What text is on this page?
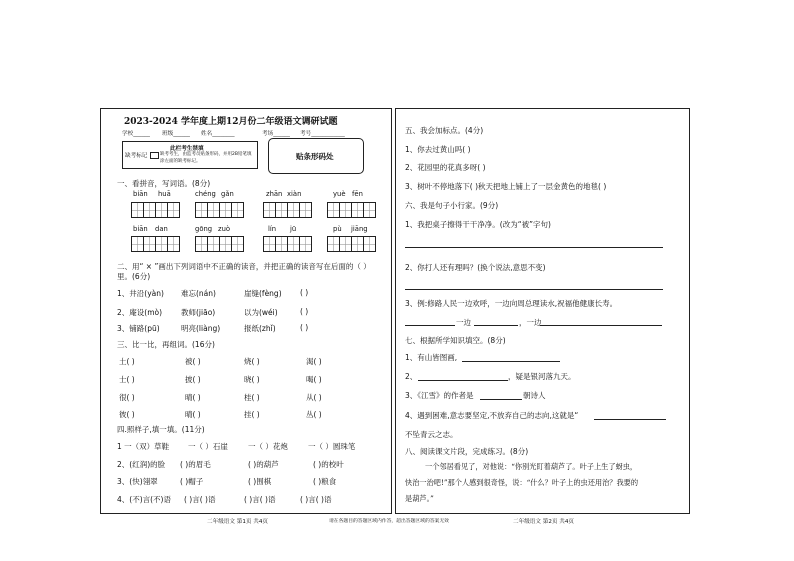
2023-2024 学年度上期12月份二年级语文调研试题
学校______ 班级______ 姓名________	考场______ 考号____________
此栏考生禁填
缺考标记	缺考考生，由监考员贴条形码，并用2B铅笔填涂左面的缺考标记。
贴条形码处
一、看拼音，写词语。(8分)
biān huā	chéng gǎn	zhān xiàn	yuè fēn
biān dan	gōng zuò	lín jū	pù jiāng
二、用“ × ”画出下列词语中不正确的读音，并把正确的读音写在后面的（ ）里。(6分)
1、井沿(yàn) 难忘(nán)	崖缝(fèng) ( )
2、庵设(mò)	教师(jiāo)	以为(wéi)	( )
3、铺路(pū)	明亮(liàng)	报纸(zhǐ)	( )
三、比一比，再组词。(16分)
土( )	被( )	烧( )	渴( )
士( )	披( )	晓( )	喝( )
很( )	晴( )	桂( )	从( )
彼( )	晴( )	挂( )	丛( )
四.照样子,填一填。(11分)
1 一（双）草鞋	一（ ）石崖	一（ ）花炮	一（ ）圆珠笔
2、(红润)的脸 ( )的眉毛	( )的葫芦	( )的校叶
3、(快)翎翠	( )帽子	( )围棋	( )粮食
4、(不)言(不)语 ( )言( )语	( )言( )语	( )言( )语
二年级语文 第1页 共4页	请在各题目的答题区域内作答，超出答题区域的答案无效	二年级语文 第2页 共4页
五、我会加标点。(4分)
1、你去过黄山吗( )
2、花园里的花真多呀( )
3、树叶不停地落下( )秋天把地上铺上了一层金黄色的地毯( )
六、我是句子小行家。(9分)
1、我把桌子擦得干干净净。(改为“被”字句)
2、你打人还有理吗？(换个说法,意思不变)
3、例:修路人民一边欢呼，一边向周总理读水,祝福他健康长寿。
一边	，一边
七、根据所学知识填空。(8分)
1、有山皆图画,
2、	，疑是银河落九天。
3、《江雪》的作者是	朝诗人
4、遇到困难,意志要坚定,不放弃自己的志向,这就是“
不坠青云之志。
八、阅读课文片段，完成练习。(8分)
一个邻居看见了，对他说：“你别光盯着葫芦了。叶子上生了蚜虫，
快治一治吧!”那个人感到很奇怪，说：“什么？叶子上的虫还用治？我要的
是葫芦。”
